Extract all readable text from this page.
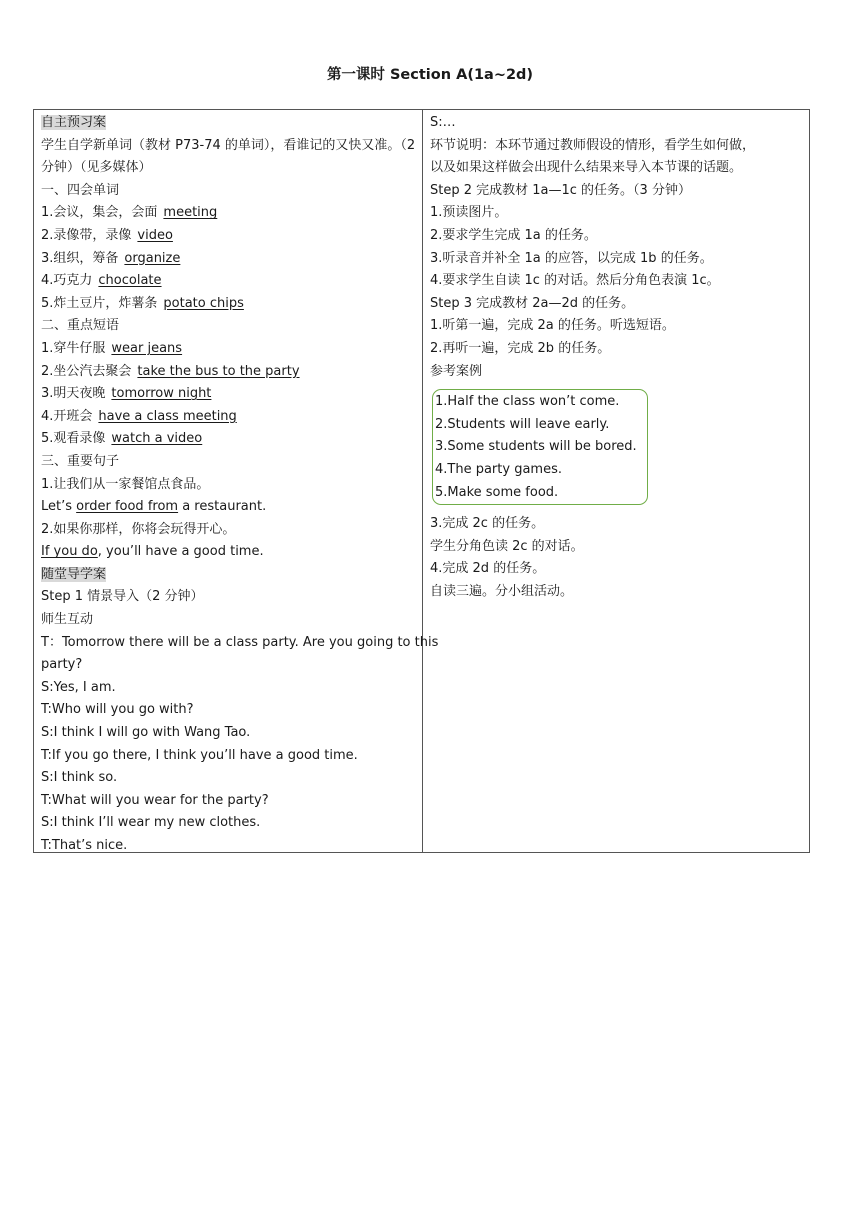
第一课时 Section A(1a~2d)
自主预习案
学生自学新单词（教材 P73-74 的单词），看谁记的又快又准。（2 分钟）（见多媒体）
一、四会单词
1.会议，集会，会面 meeting
2.录像带，录像 video
3.组织，筹备 organize
4.巧克力 chocolate
5.炸土豆片，炸薯条 potato chips
二、重点短语
1.穿牛仔服 wear jeans
2.坐公汽去聚会 take the bus to the party
3.明天夜晚 tomorrow night
4.开班会 have a class meeting
5.观看录像 watch a video
三、重要句子
1.让我们从一家餐馆点食品。
Let’s order food from a restaurant.
2.如果你那样，你将会玩得开心。
If you do, you’ll have a good time.
随堂导学案
Step 1 情景导入（2 分钟）
师生互动
T：Tomorrow there will be a class party. Are you going to this
party?
S:Yes, I am.
T:Who will you go with?
S:I think I will go with Wang Tao.
T:If you go there, I think you’ll have a good time.
S:I think so.
T:What will you wear for the party?
S:I think I’ll wear my new clothes.
T:That’s nice.
S:…
环节说明：本环节通过教师假设的情形，看学生如何做，
以及如果这样做会出现什么结果来导入本节课的话题。
Step 2 完成教材 1a—1c 的任务。（3 分钟）
1.预读图片。
2.要求学生完成 1a 的任务。
3.听录音并补全 1a 的应答，以完成 1b 的任务。
4.要求学生自读 1c 的对话。然后分角色表演 1c。
Step 3 完成教材 2a—2d 的任务。
1.听第一遍，完成 2a 的任务。听选短语。
2.再听一遍，完成 2b 的任务。
参考案例
1.Half the class won’t come.
2.Students will leave early.
3.Some students will be bored.
4.The party games.
5.Make some food.
3.完成 2c 的任务。
学生分角色读 2c 的对话。
4.完成 2d 的任务。
自读三遍。分小组活动。
